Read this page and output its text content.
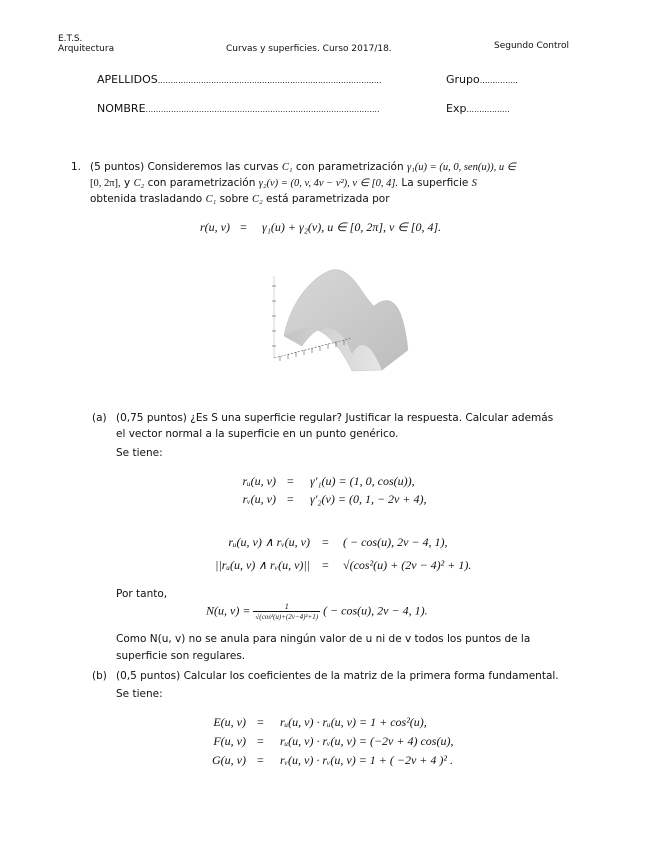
E.T.S.
Arquitectura	Curvas y superficies. Curso 2017/18.	Segundo Control
APELLIDOS........................................................................................	Grupo...............
NOMBRE............................................................................................	Exp.................
1. (5 puntos) Consideremos las curvas C₁ con parametrización γ₁(u) = (u, 0, sen(u)), u ∈
[0, 2π], y C₂ con parametrización γ₂(v) = (0, v, 4v − v²), v ∈ [0, 4]. La superficie S
obtenida trasladando C₁ sobre C₂ está parametrizada por
r(u, v) = γ₁(u) + γ₂(v), u ∈ [0, 2π], v ∈ [0, 4].
(a) (0,75 puntos) ¿Es S una superficie regular? Justificar la respuesta. Calcular además
el vector normal a la superficie en un punto genérico.
Se tiene:
rᵤ(u, v) = γ′₁(u) = (1, 0, cos(u)),
rᵥ(u, v) = γ′₂(v) = (0, 1, − 2v + 4),
rᵤ(u, v) ∧ rᵥ(u, v) = ( − cos(u), 2v − 4, 1),
||rᵤ(u, v) ∧ rᵥ(u, v)|| = √(cos²(u) + (2v − 4)² + 1).
Por tanto,
N(u, $v) = \frac{1}{\text{√(cos²(u)+(2v−4)²+1)}}$ ( − cos(u), 2v − 4, 1).
Como N(u, v) no se anula para ningún valor de u ni de v todos los puntos de la
superficie son regulares.
(b) (0,5 puntos) Calcular los coeficientes de la matriz de la primera forma fundamental.
Se tiene:
E(u, v) = rᵤ(u, v) · rᵤ(u, v) = 1 + cos²(u),
F(u, v) = rᵤ(u, v) · rᵥ(u, v) = (−2v + 4) cos(u),
G(u, v) = rᵥ(u, v) · rᵥ(u, v) = 1 + ( −2v + 4 )² .
